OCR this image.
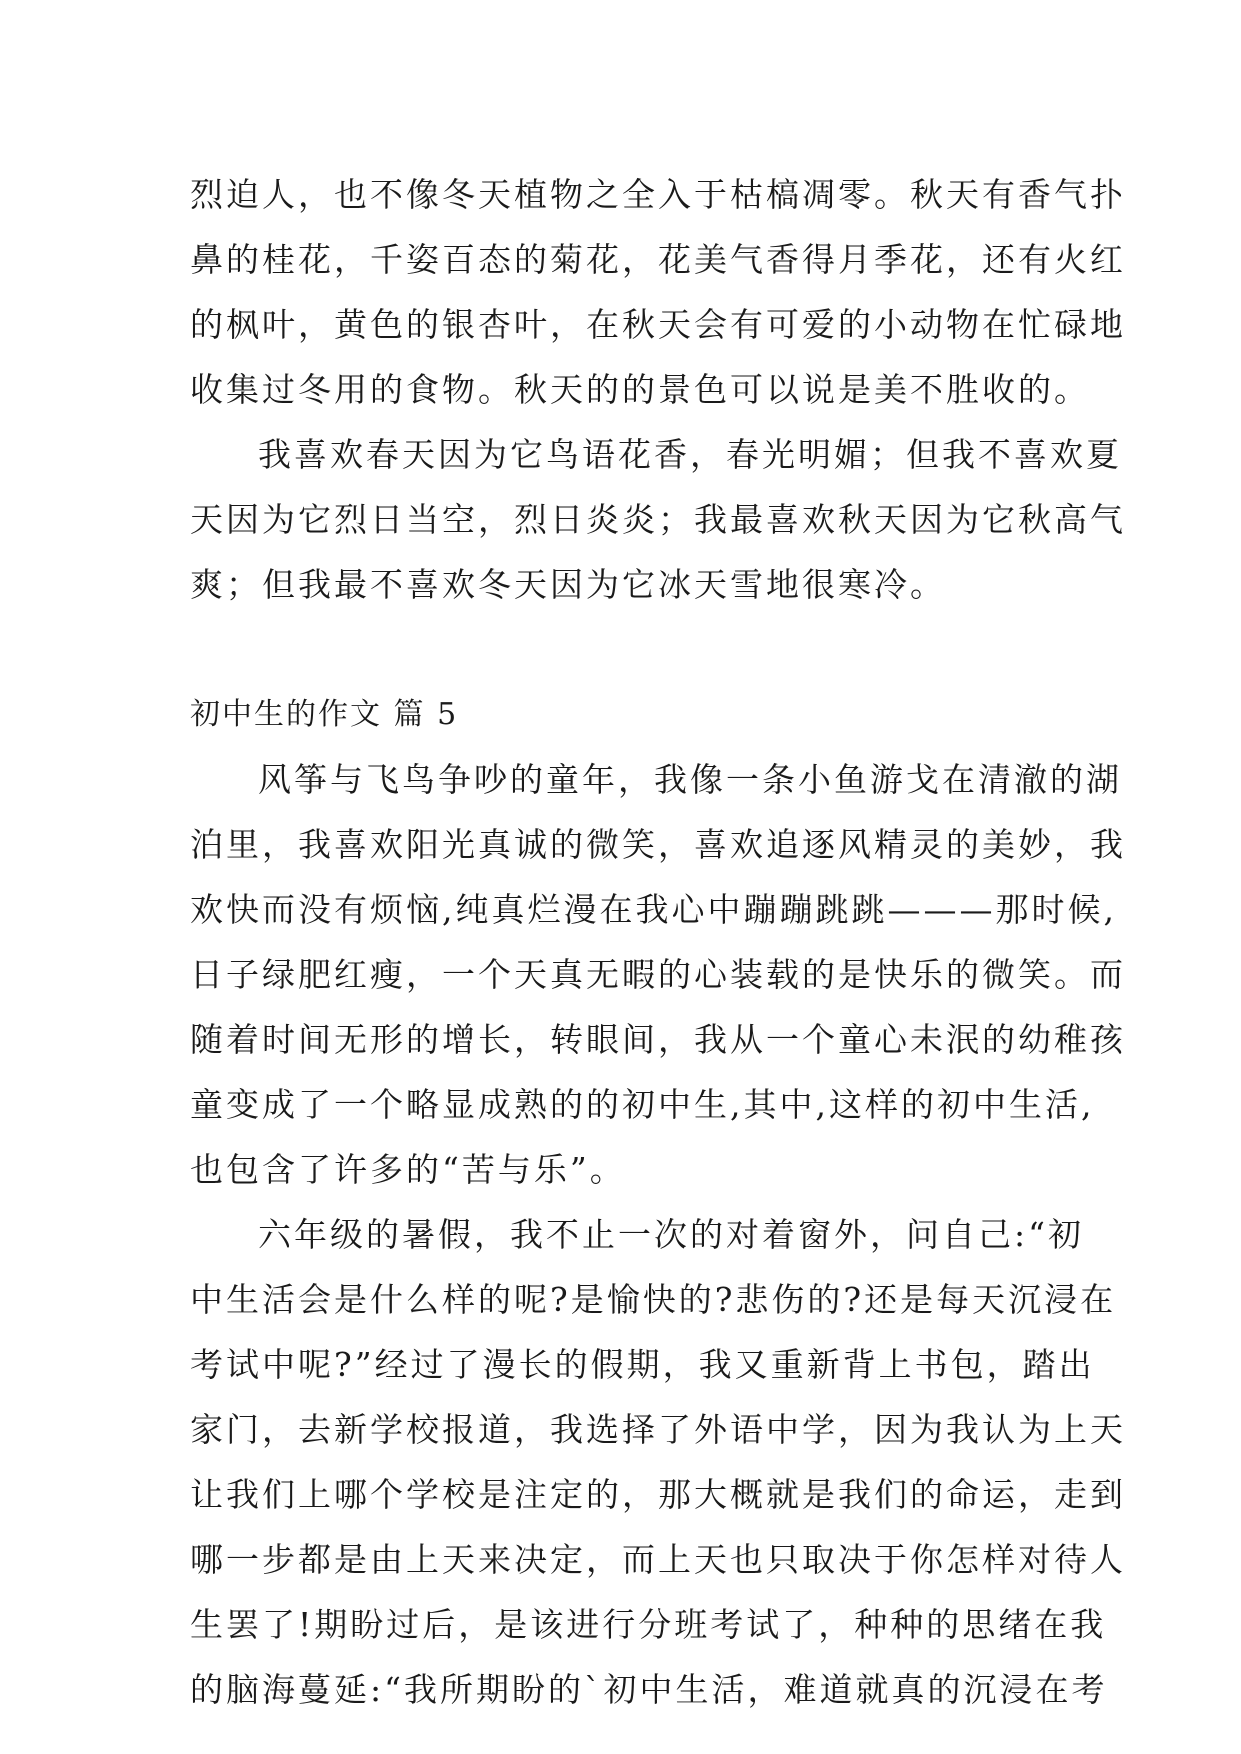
烈迫人，也不像冬天植物之全入于枯槁凋零。秋天有香气扑
鼻的桂花，千姿百态的菊花，花美气香得月季花，还有火红
的枫叶，黄色的银杏叶，在秋天会有可爱的小动物在忙碌地
收集过冬用的食物。秋天的的景色可以说是美不胜收的。
我喜欢春天因为它鸟语花香，春光明媚；但我不喜欢夏
天因为它烈日当空，烈日炎炎；我最喜欢秋天因为它秋高气
爽；但我最不喜欢冬天因为它冰天雪地很寒冷。
初中生的作文 篇 5
风筝与飞鸟争吵的童年，我像一条小鱼游戈在清澈的湖
泊里，我喜欢阳光真诚的微笑，喜欢追逐风精灵的美妙，我
欢快而没有烦恼,纯真烂漫在我心中蹦蹦跳跳———那时候,
日子绿肥红瘦，一个天真无暇的心装载的是快乐的微笑。而
随着时间无形的增长，转眼间，我从一个童心未泯的幼稚孩
童变成了一个略显成熟的的初中生,其中,这样的初中生活,
也包含了许多的“苦与乐”。
六年级的暑假，我不止一次的对着窗外，问自己:“初
中生活会是什么样的呢?是愉快的?悲伤的?还是每天沉浸在
考试中呢?”经过了漫长的假期，我又重新背上书包，踏出
家门，去新学校报道，我选择了外语中学，因为我认为上天
让我们上哪个学校是注定的，那大概就是我们的命运，走到
哪一步都是由上天来决定，而上天也只取决于你怎样对待人
生罢了!期盼过后，是该进行分班考试了，种种的思绪在我
的脑海蔓延:“我所期盼的`初中生活，难道就真的沉浸在考
